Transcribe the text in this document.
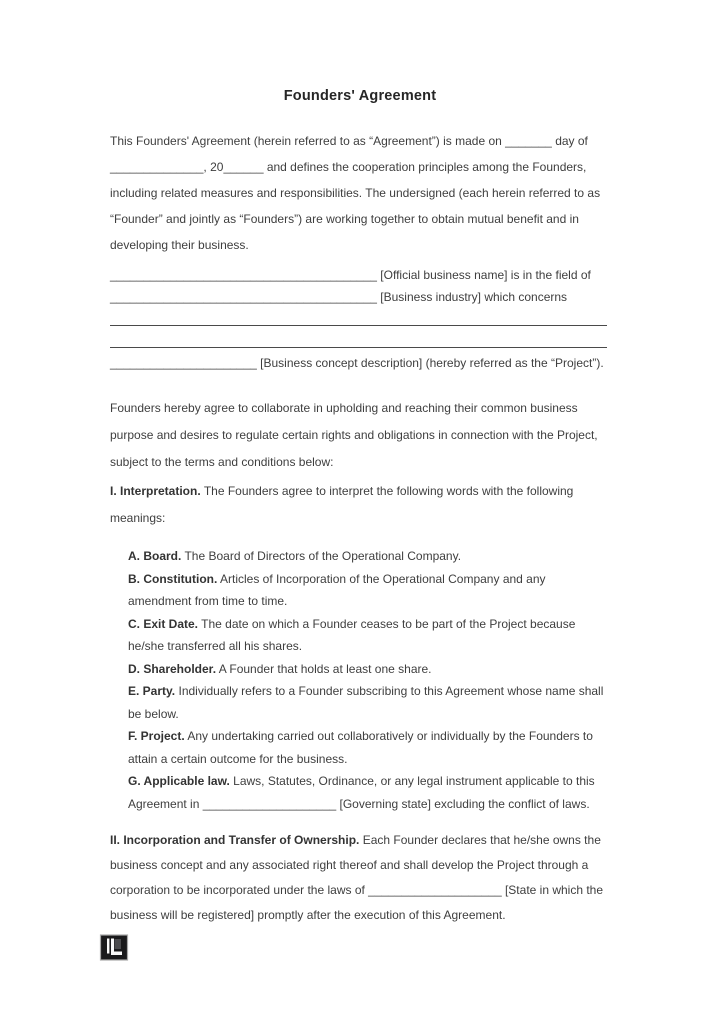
Founders' Agreement

This Founders' Agreement (herein referred to as “Agreement”) is made on _______ day of ______________, 20______ and defines the cooperation principles among the Founders, including related measures and responsibilities. The undersigned (each herein referred to as “Founder” and jointly as “Founders”) are working together to obtain mutual benefit and in developing their business.

________________________________________ [Official business name] is in the field of
________________________________________ [Business industry] which concerns
______________________ [Business concept description] (hereby referred as the “Project”).

Founders hereby agree to collaborate in upholding and reaching their common business purpose and desires to regulate certain rights and obligations in connection with the Project, subject to the terms and conditions below:

I. Interpretation. The Founders agree to interpret the following words with the following meanings:

A. Board. The Board of Directors of the Operational Company.
B. Constitution. Articles of Incorporation of the Operational Company and any amendment from time to time.
C. Exit Date. The date on which a Founder ceases to be part of the Project because he/she transferred all his shares.
D. Shareholder. A Founder that holds at least one share.
E. Party. Individually refers to a Founder subscribing to this Agreement whose name shall be below.
F. Project. Any undertaking carried out collaboratively or individually by the Founders to attain a certain outcome for the business.
G. Applicable law. Laws, Statutes, Ordinance, or any legal instrument applicable to this Agreement in ____________________ [Governing state] excluding the conflict of laws.

II. Incorporation and Transfer of Ownership. Each Founder declares that he/she owns the business concept and any associated right thereof and shall develop the Project through a corporation to be incorporated under the laws of ____________________ [State in which the business will be registered] promptly after the execution of this Agreement.
